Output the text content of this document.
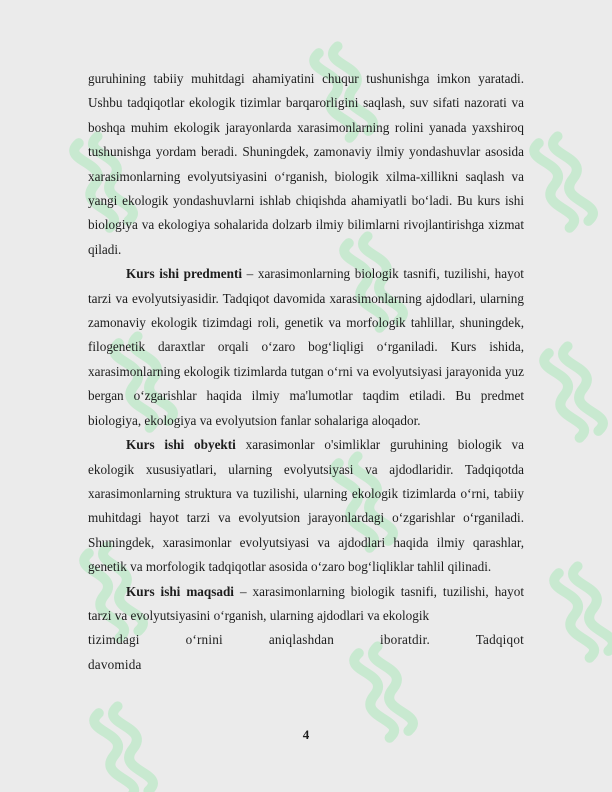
guruhining tabiiy muhitdagi ahamiyatini chuqur tushunishga imkon yaratadi. Ushbu tadqiqotlar ekologik tizimlar barqarorligini saqlash, suv sifati nazorati va boshqa muhim ekologik jarayonlarda xarasimonlarning rolini yanada yaxshiroq tushunishga yordam beradi. Shuningdek, zamonaviy ilmiy yondashuvlar asosida xarasimonlarning evolyutsiyasini o‘rganish, biologik xilma-xillikni saqlash va yangi ekologik yondashuvlarni ishlab chiqishda ahamiyatli bo‘ladi. Bu kurs ishi biologiya va ekologiya sohalarida dolzarb ilmiy bilimlarni rivojlantirishga xizmat qiladi.

Kurs ishi predmenti – xarasimonlarning biologik tasnifi, tuzilishi, hayot tarzi va evolyutsiyasidir. Tadqiqot davomida xarasimonlarning ajdodlari, ularning zamonaviy ekologik tizimdagi roli, genetik va morfologik tahlillar, shuningdek, filogenetik daraxtlar orqali o‘zaro bog‘liqligi o‘rganiladi. Kurs ishida, xarasimonlarning ekologik tizimlarda tutgan o‘rni va evolyutsiyasi jarayonida yuz bergan o‘zgarishlar haqida ilmiy ma'lumotlar taqdim etiladi. Bu predmet biologiya, ekologiya va evolyutsion fanlar sohalariga aloqador.

Kurs ishi obyekti xarasimonlar o'simliklar guruhining biologik va ekologik xususiyatlari, ularning evolyutsiyasi va ajdodlaridir. Tadqiqotda xarasimonlarning struktura va tuzilishi, ularning ekologik tizimlarda o‘rni, tabiiy muhitdagi hayot tarzi va evolyutsion jarayonlardagi o‘zgarishlar o‘rganiladi. Shuningdek, xarasimonlar evolyutsiyasi va ajdodlari haqida ilmiy qarashlar, genetik va morfologik tadqiqotlar asosida o‘zaro bog‘liqliklar tahlil qilinadi.

Kurs ishi maqsadi – xarasimonlarning biologik tasnifi, tuzilishi, hayot tarzi va evolyutsiyasini o‘rganish, ularning ajdodlari va ekologik

tizimdagi o‘rnini aniqlashdan iboratdir. Tadqiqot davomida

4
